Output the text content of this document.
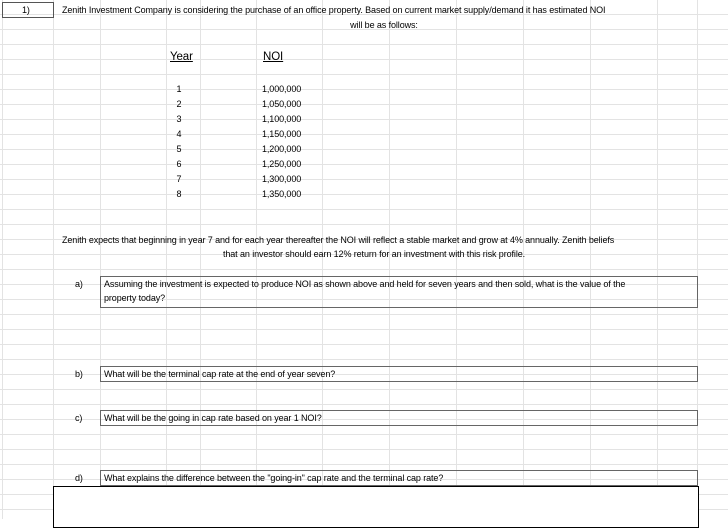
1)	Zenith Investment Company is considering the purchase of an office property. Based on current market supply/demand it has estimated NOI
will be as follows:
Year	NOI
1	1,000,000
2	1,050,000
3	1,100,000
4	1,150,000
5	1,200,000
6	1,250,000
7	1,300,000
8	1,350,000
Zenith expects that beginning in year 7 and for each year thereafter the NOI will reflect a stable market and grow at 4% annually. Zenith beliefs
that an investor should earn 12% return for an investment with this risk profile.
a) Assuming the investment is expected to produce NOI as shown above and held for seven years and then sold, what is the value of the
property today?
b) What will be the terminal cap rate at the end of year seven?
c) What will be the going in cap rate based on year 1 NOI?
d) What explains the difference between the "going-in" cap rate and the terminal cap rate?
